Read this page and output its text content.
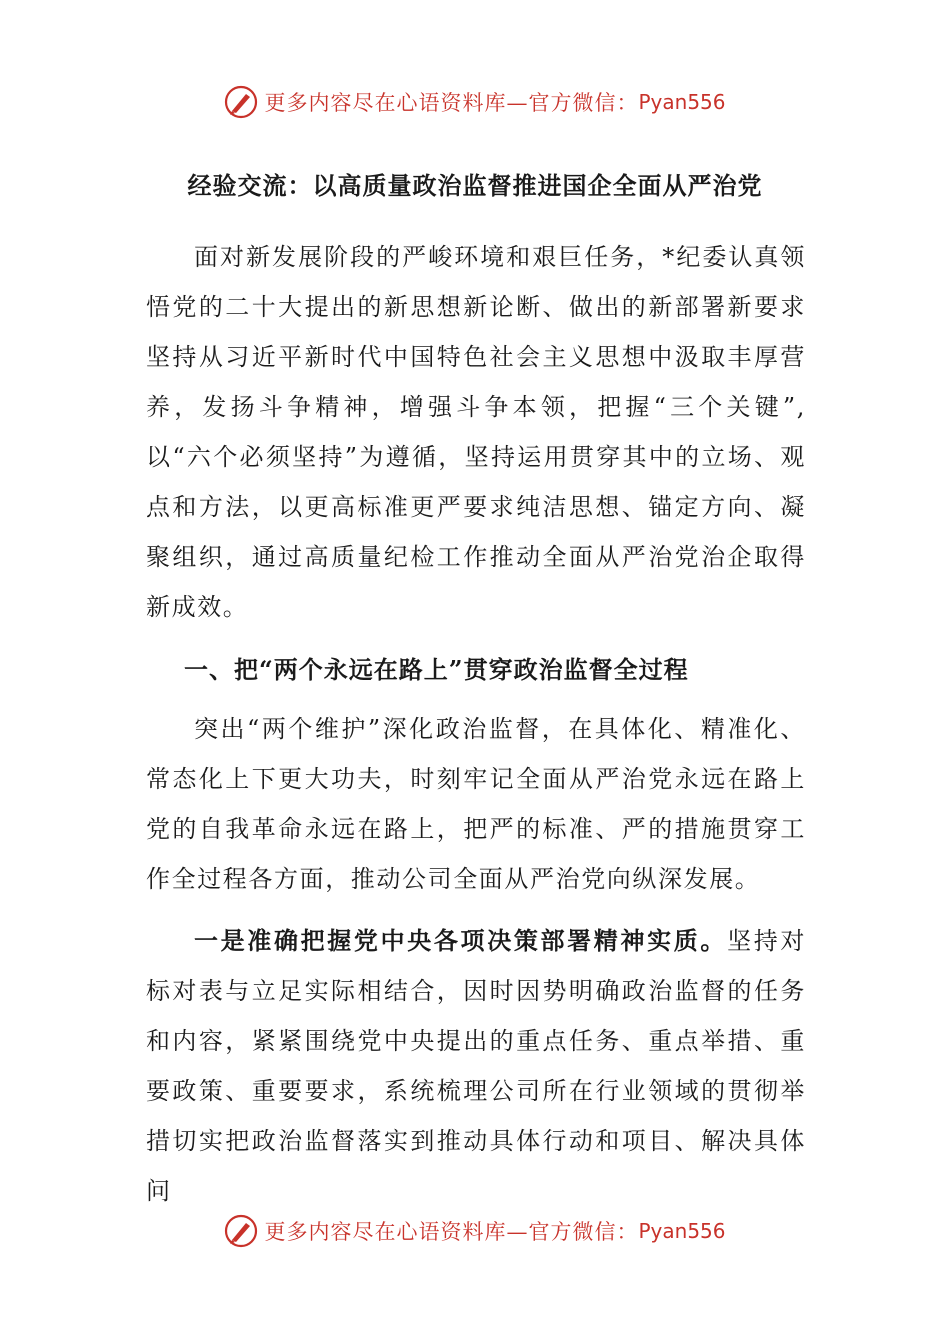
更多内容尽在心语资料库—官方微信： Pyan556
经验交流：以高质量政治监督推进国企全面从严治党

面对新发展阶段的严峻环境和艰巨任务，*纪委认真领悟党的二十大提出的新思想新论断、做出的新部署新要求坚持从习近平新时代中国特色社会主义思想中汲取丰厚营养，发扬斗争精神，增强斗争本领，把握“三个关键”,以“六个必须坚持”为遵循，坚持运用贯穿其中的立场、观点和方法，以更高标准更严要求纯洁思想、锚定方向、凝聚组织，通过高质量纪检工作推动全面从严治党治企取得新成效。

一、把“两个永远在路上”贯穿政治监督全过程

突出“两个维护”深化政治监督，在具体化、精准化、常态化上下更大功夫，时刻牢记全面从严治党永远在路上党的自我革命永远在路上，把严的标准、严的措施贯穿工作全过程各方面，推动公司全面从严治党向纵深发展。

一是准确把握党中央各项决策部署精神实质。坚持对标对表与立足实际相结合，因时因势明确政治监督的任务和内容，紧紧围绕党中央提出的重点任务、重点举措、重要政策、重要要求，系统梳理公司所在行业领域的贯彻举措切实把政治监督落实到推动具体行动和项目、解决具体问

更多内容尽在心语资料库—官方微信： Pyan556
